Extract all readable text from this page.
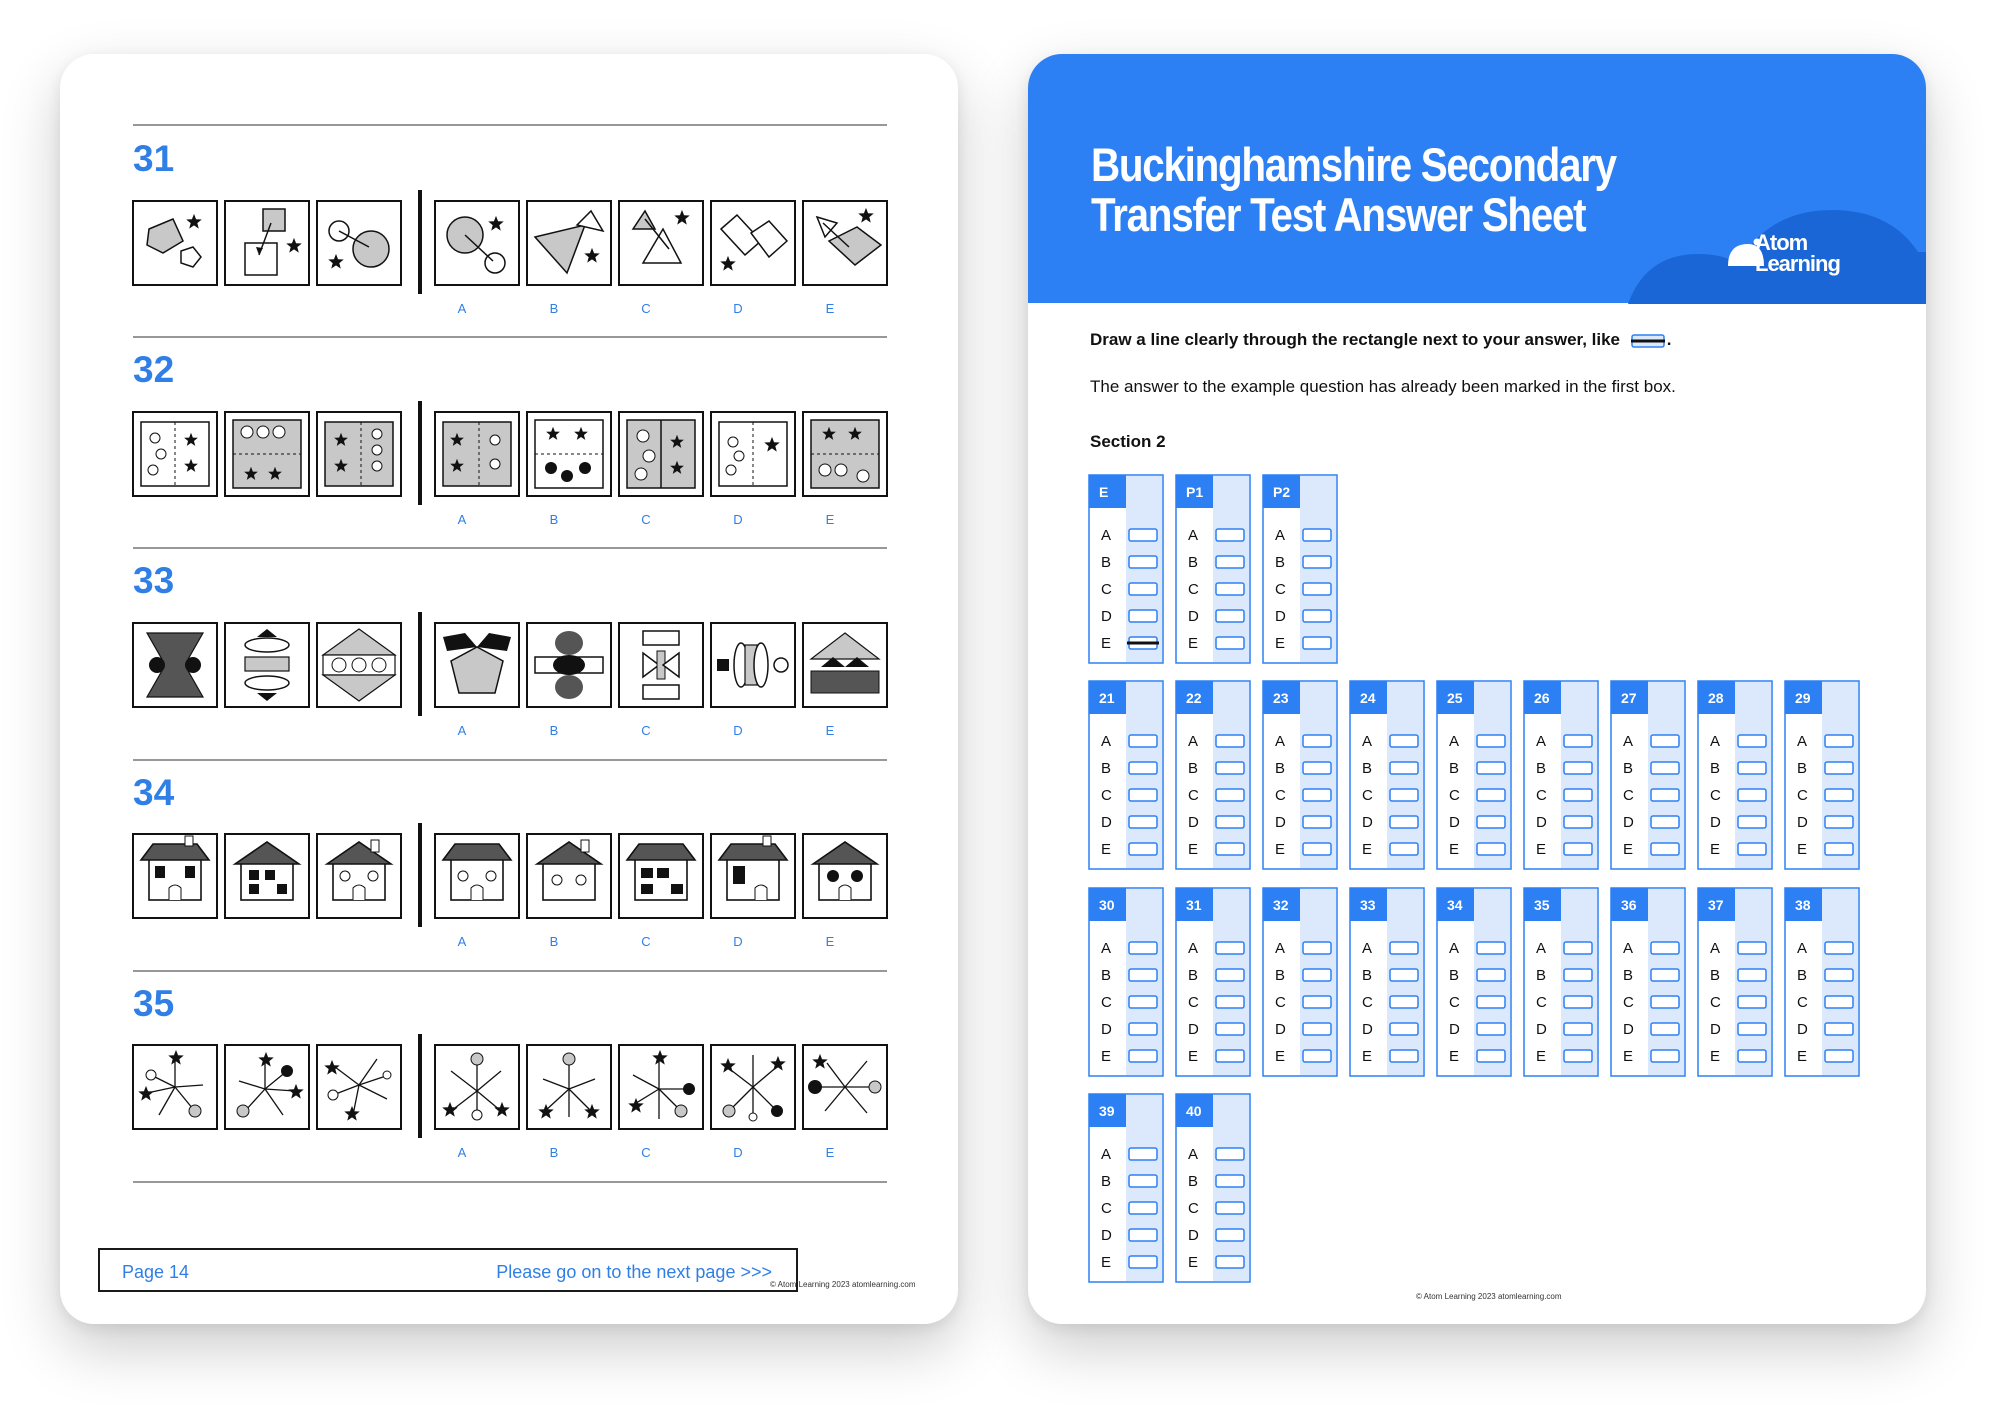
31
32
33
34
35
A	B	C	D	E
A	B	C	D	E
A	B	C	D	E
A	B	C	D	E
A	B	C	D	E
Page 14	Please go on to the next page >>>
© Atom Learning 2023 atomlearning.com
Buckinghamshire Secondary
Transfer Test Answer Sheet
Atom
Learning
Draw a line clearly through the rectangle next to your answer, like	.
The answer to the example question has already been marked in the first box.
Section 2
E
A
B
C
D
E
P1
A
B
C
D
E
P2
A
B
C
D
E
21
A
B
C
D
E
22
A
B
C
D
E
23
A
B
C
D
E
24
A
B
C
D
E
25
A
B
C
D
E
26
A
B
C
D
E
27
A
B
C
D
E
28
A
B
C
D
E
29
A
B
C
D
E
30
A
B
C
D
E
31
A
B
C
D
E
32
A
B
C
D
E
33
A
B
C
D
E
34
A
B
C
D
E
35
A
B
C
D
E
36
A
B
C
D
E
37
A
B
C
D
E
38
A
B
C
D
E
39
A
B
C
D
E
40
A
B
C
D
E
© Atom Learning 2023 atomlearning.com
